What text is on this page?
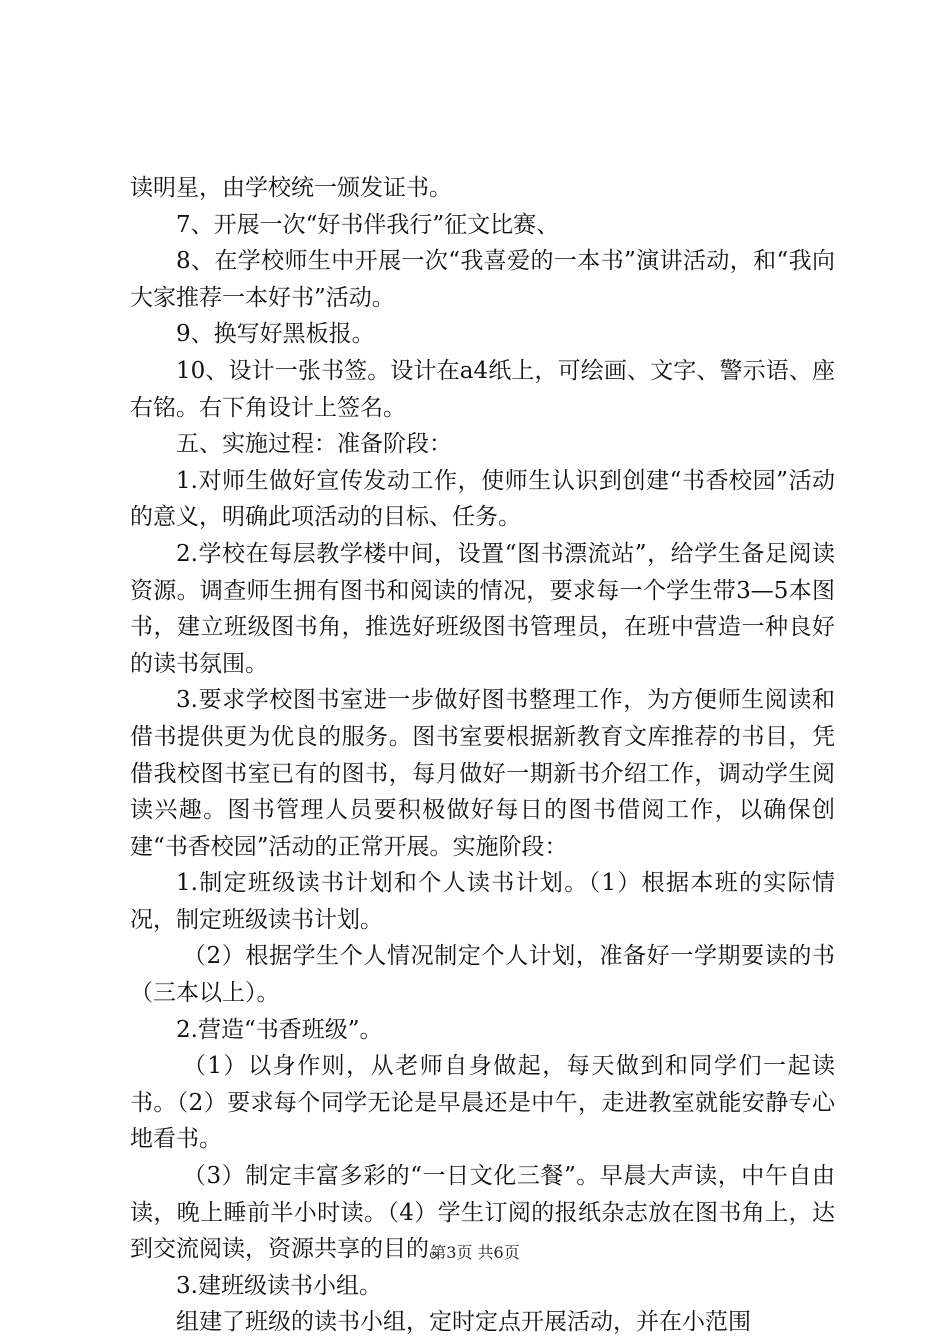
读明星，由学校统一颁发证书。

7、开展一次“好书伴我行”征文比赛、

8、在学校师生中开展一次“我喜爱的一本书”演讲活动，和“我向大家推荐一本好书”活动。

9、换写好黑板报。

10、设计一张书签。设计在a4纸上，可绘画、文字、警示语、座右铭。右下角设计上签名。

五、实施过程：准备阶段：

1.对师生做好宣传发动工作，使师生认识到创建“书香校园”活动的意义，明确此项活动的目标、任务。

2.学校在每层教学楼中间，设置“图书漂流站”，给学生备足阅读资源。调查师生拥有图书和阅读的情况，要求每一个学生带3—5本图书，建立班级图书角，推选好班级图书管理员，在班中营造一种良好的读书氛围。

3.要求学校图书室进一步做好图书整理工作，为方便师生阅读和借书提供更为优良的服务。图书室要根据新教育文库推荐的书目，凭借我校图书室已有的图书，每月做好一期新书介绍工作，调动学生阅读兴趣。图书管理人员要积极做好每日的图书借阅工作，以确保创建“书香校园”活动的正常开展。实施阶段：

1.制定班级读书计划和个人读书计划。（1）根据本班的实际情况，制定班级读书计划。

（2）根据学生个人情况制定个人计划，准备好一学期要读的书（三本以上）。

2.营造“书香班级”。

（1）以身作则，从老师自身做起，每天做到和同学们一起读书。（2）要求每个同学无论是早晨还是中午，走进教室就能安静专心地看书。

（3）制定丰富多彩的“一日文化三餐”。早晨大声读，中午自由读，晚上睡前半小时读。（4）学生订阅的报纸杂志放在图书角上，达到交流阅读，资源共享的目的。

3.建班级读书小组。

组建了班级的读书小组，定时定点开展活动，并在小范围

第3页 共6页
